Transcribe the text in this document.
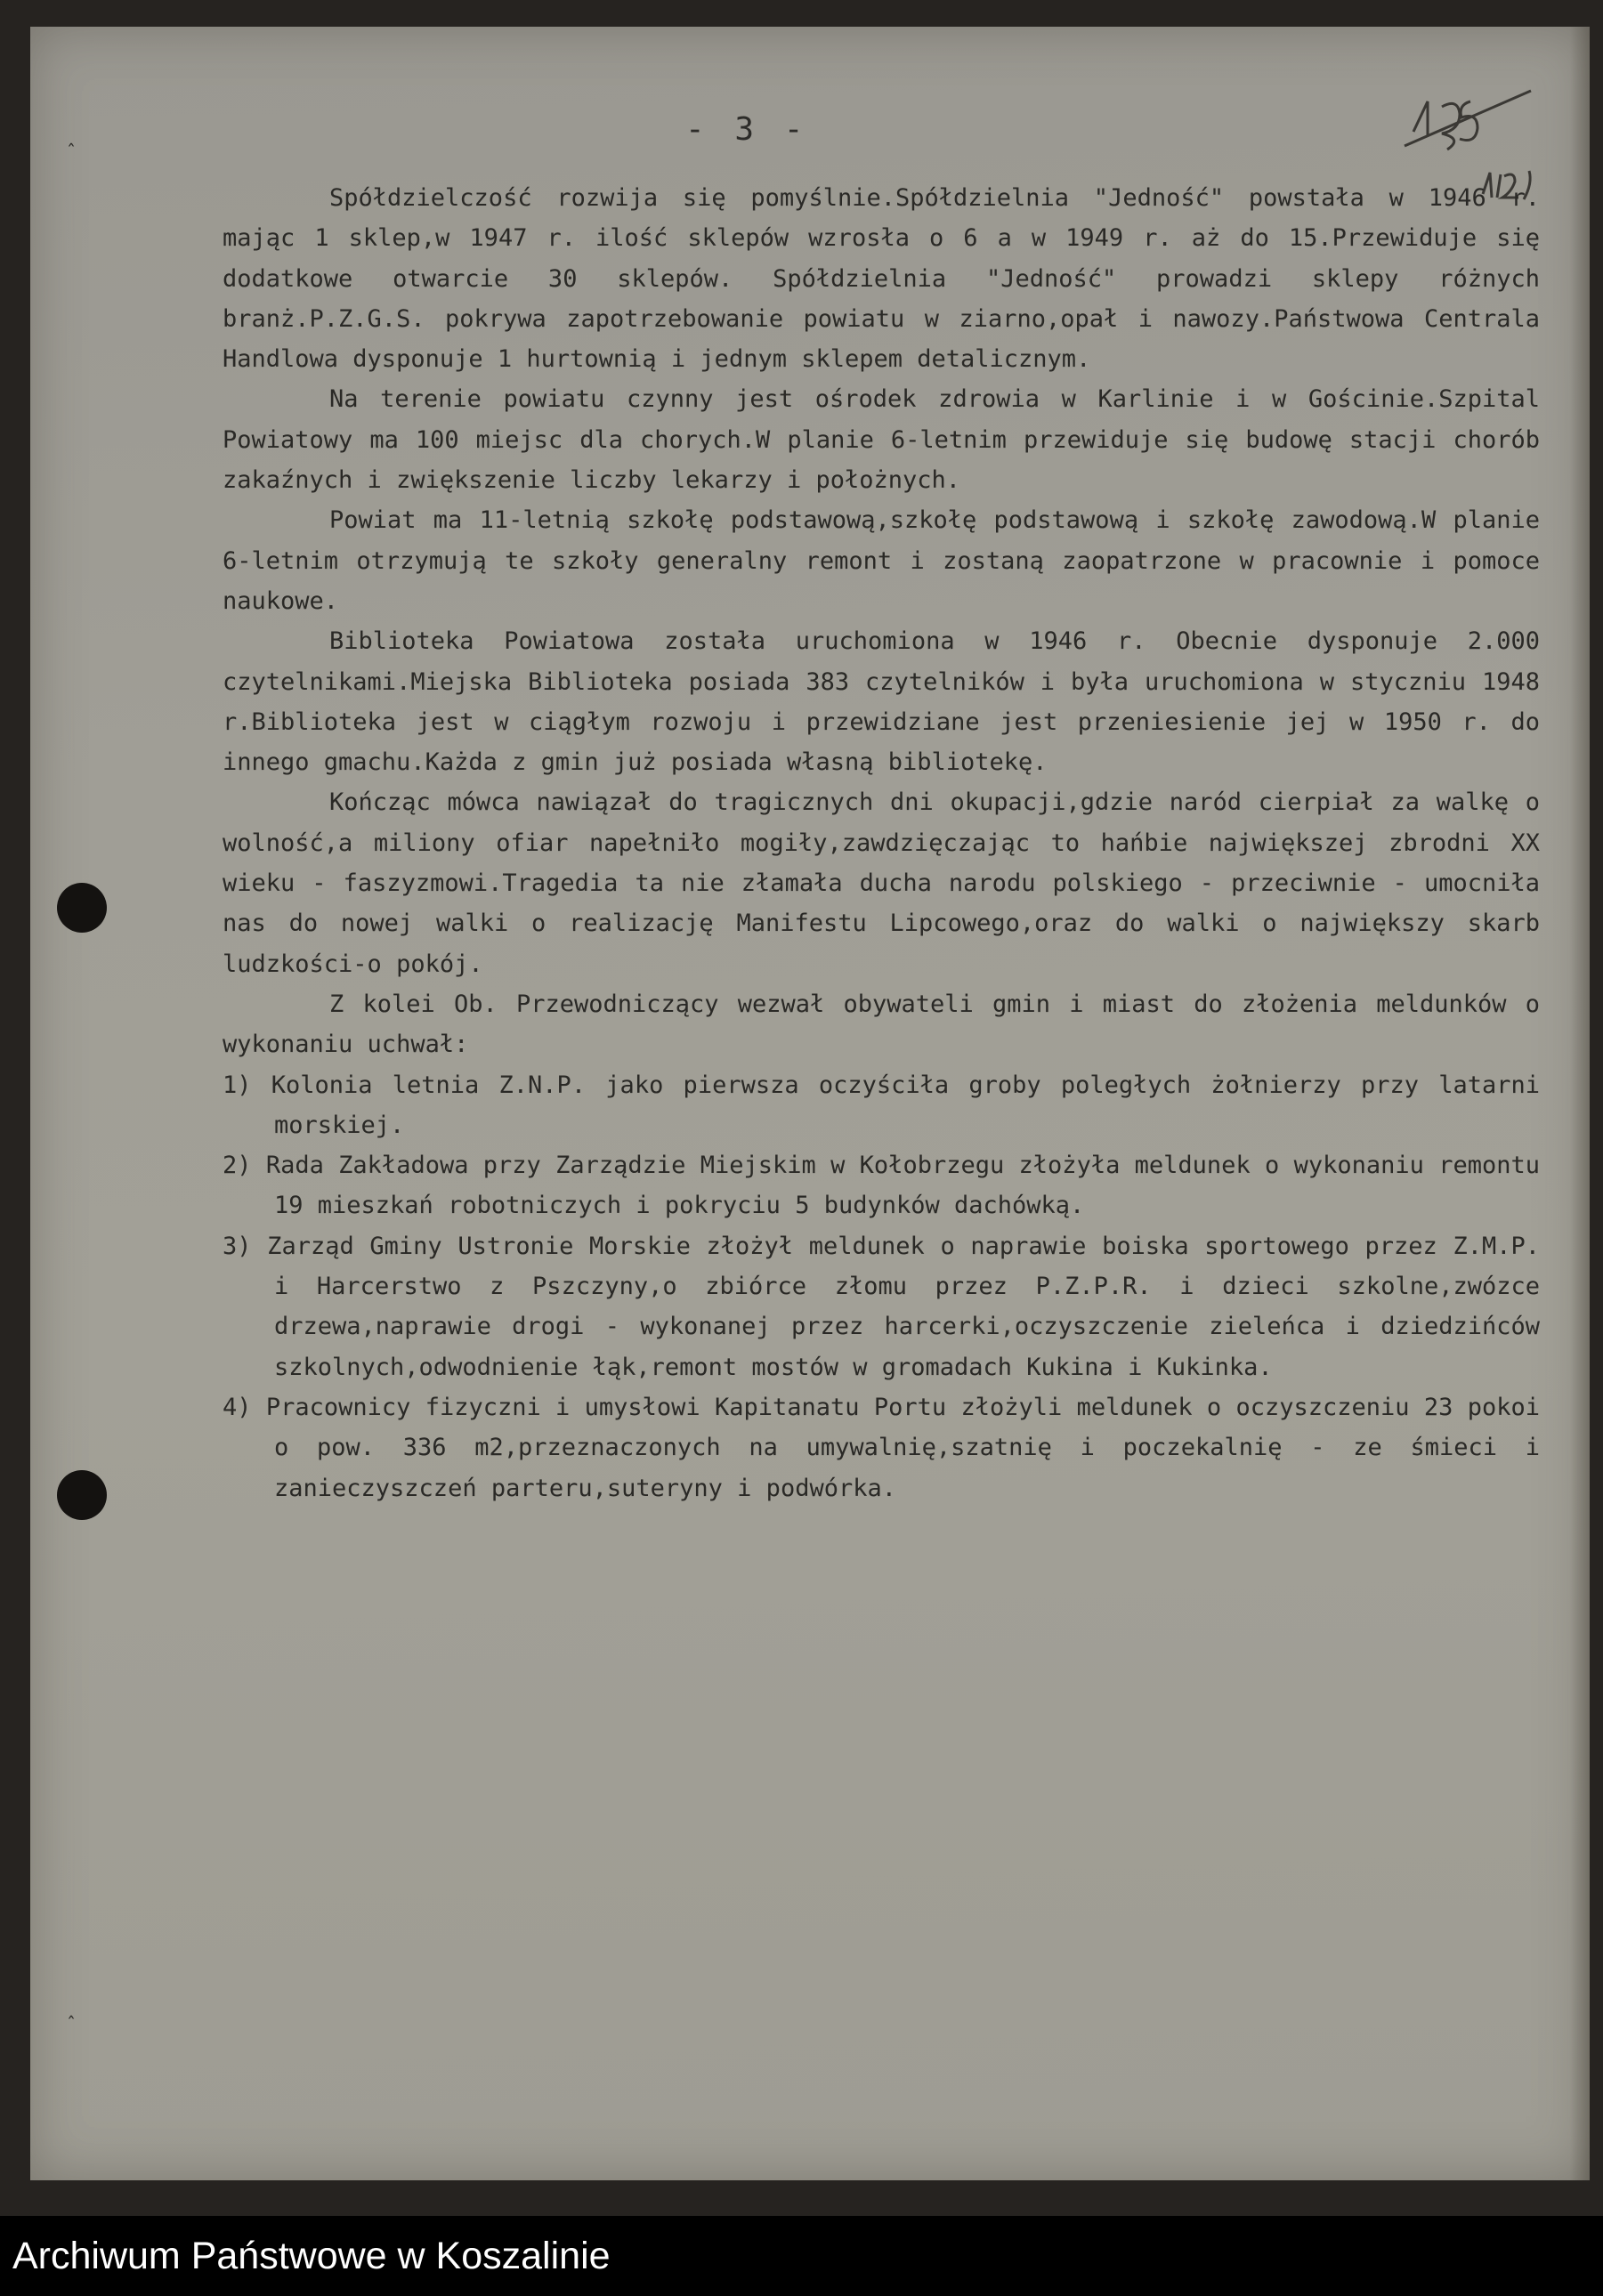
ˆ
ˆ
- 3 -

Spółdzielczość rozwija się pomyślnie.Spółdzielnia "Jedność" powstała w 1946 r. mając 1 sklep,w 1947 r. ilość sklepów wzrosła o 6 a w 1949 r. aż do 15.Przewiduje się dodatkowe otwarcie 30 sklepów. Spółdzielnia "Jedność" prowadzi sklepy różnych branż.P.Z.G.S. pokrywa zapotrzebowanie powiatu w ziarno,opał i nawozy.Państwowa Centrala Handlowa dysponuje 1 hurtownią i jednym sklepem detalicznym.

Na terenie powiatu czynny jest ośrodek zdrowia w Karlinie i w Gościnie.Szpital Powiatowy ma 100 miejsc dla chorych.W planie 6-letnim przewiduje się budowę stacji chorób zakaźnych i zwiększenie liczby lekarzy i położnych.

Powiat ma 11-letnią szkołę podstawową,szkołę podstawową i szkołę zawodową.W planie 6-letnim otrzymują te szkoły generalny remont i zostaną zaopatrzone w pracownie i pomoce naukowe.

Biblioteka Powiatowa została uruchomiona w 1946 r. Obecnie dysponuje 2.000 czytelnikami.Miejska Biblioteka posiada 383 czytelników i była uruchomiona w styczniu 1948 r.Biblioteka jest w ciągłym rozwoju i przewidziane jest przeniesienie jej w 1950 r. do innego gmachu.Każda z gmin już posiada własną bibliotekę.

Kończąc mówca nawiązał do tragicznych dni okupacji,gdzie naród cierpiał za walkę o wolność,a miliony ofiar napełniło mogiły,zawdzięczając to hańbie największej zbrodni XX wieku - faszyzmowi.Tragedia ta nie złamała ducha narodu polskiego - przeciwnie - umocniła nas do nowej walki o realizację Manifestu Lipcowego,oraz do walki o największy skarb ludzkości-o pokój.

Z kolei Ob. Przewodniczący wezwał obywateli gmin i miast do złożenia meldunków o wykonaniu uchwał:

1) Kolonia letnia Z.N.P. jako pierwsza oczyściła groby poległych żołnierzy przy latarni morskiej.

2) Rada Zakładowa przy Zarządzie Miejskim w Kołobrzegu złożyła meldunek o wykonaniu remontu 19 mieszkań robotniczych i pokryciu 5 budynków dachówką.

3) Zarząd Gminy Ustronie Morskie złożył meldunek o naprawie boiska sportowego przez Z.M.P. i Harcerstwo z Pszczyny,o zbiórce złomu przez P.Z.P.R. i dzieci szkolne,zwózce drzewa,naprawie drogi - wykonanej przez harcerki,oczyszczenie zieleńca i dziedzińców szkolnych,odwodnienie łąk,remont mostów w gromadach Kukina i Kukinka.

4) Pracownicy fizyczni i umysłowi Kapitanatu Portu złożyli meldunek o oczyszczeniu 23 pokoi o pow. 336 m2,przeznaczonych na umywalnię,szatnię i poczekalnię - ze śmieci i zanieczyszczeń parteru,suteryny i podwórka.

Archiwum Państwowe w Koszalinie
